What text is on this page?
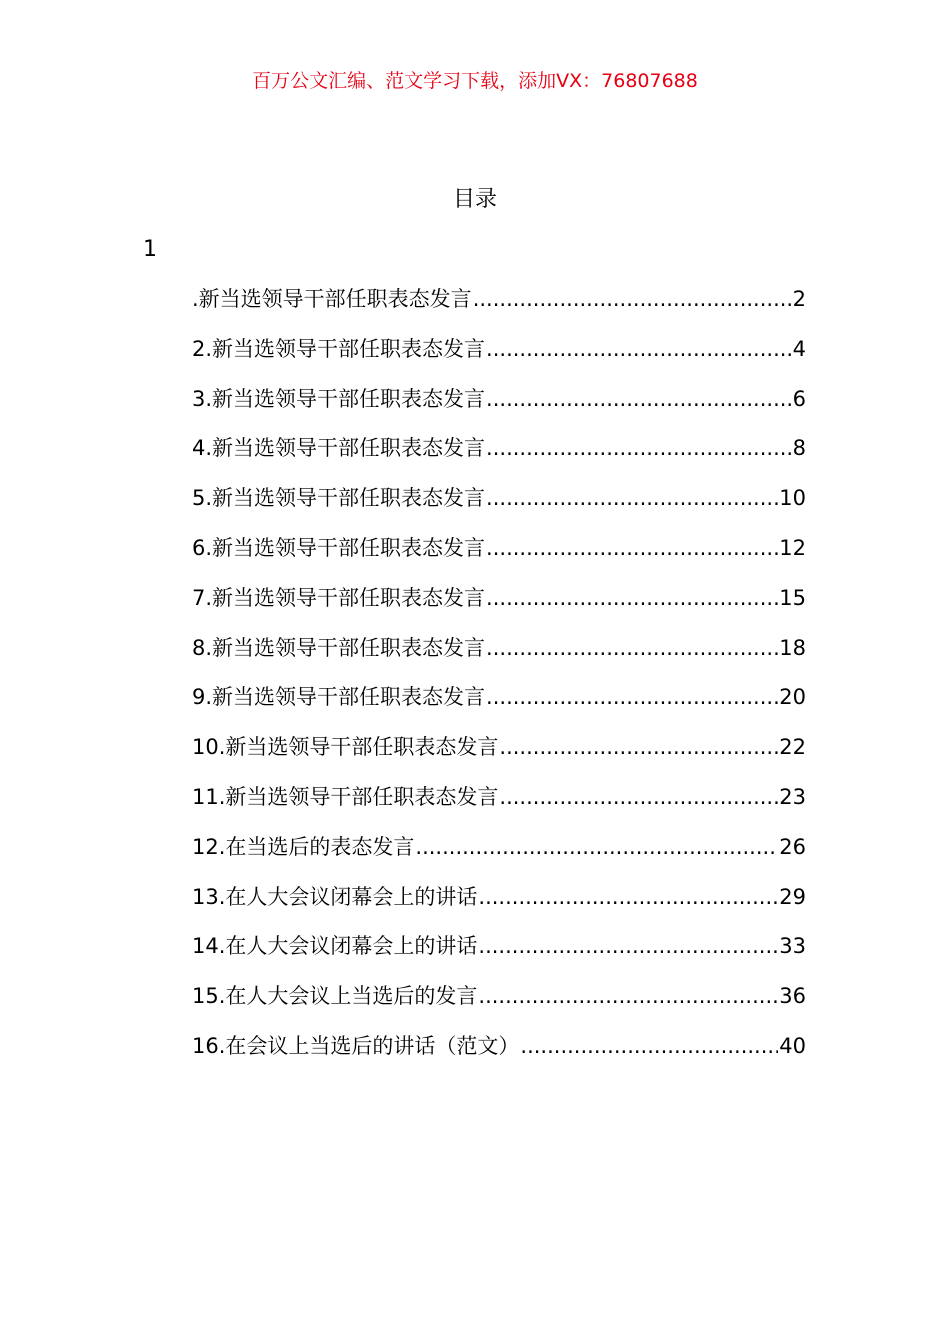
百万公文汇编、范文学习下载，添加VX：76807688
目录
1
.新当选领导干部任职表态发言 .....	2
2.新当选领导干部任职表态发言 .....	4
3.新当选领导干部任职表态发言 .....	6
4.新当选领导干部任职表态发言 .....	8
5.新当选领导干部任职表态发言 .....	10
6.新当选领导干部任职表态发言 .....	12
7.新当选领导干部任职表态发言 .....	15
8.新当选领导干部任职表态发言 .....	18
9.新当选领导干部任职表态发言 .....	20
10.新当选领导干部任职表态发言 .....	22
11.新当选领导干部任职表态发言 .....	23
12.在当选后的表态发言 .....	26
13.在人大会议闭幕会上的讲话 .....	29
14.在人大会议闭幕会上的讲话 .....	33
15.在人大会议上当选后的发言 .....	36
16.在会议上当选后的讲话（范文） .....	40
